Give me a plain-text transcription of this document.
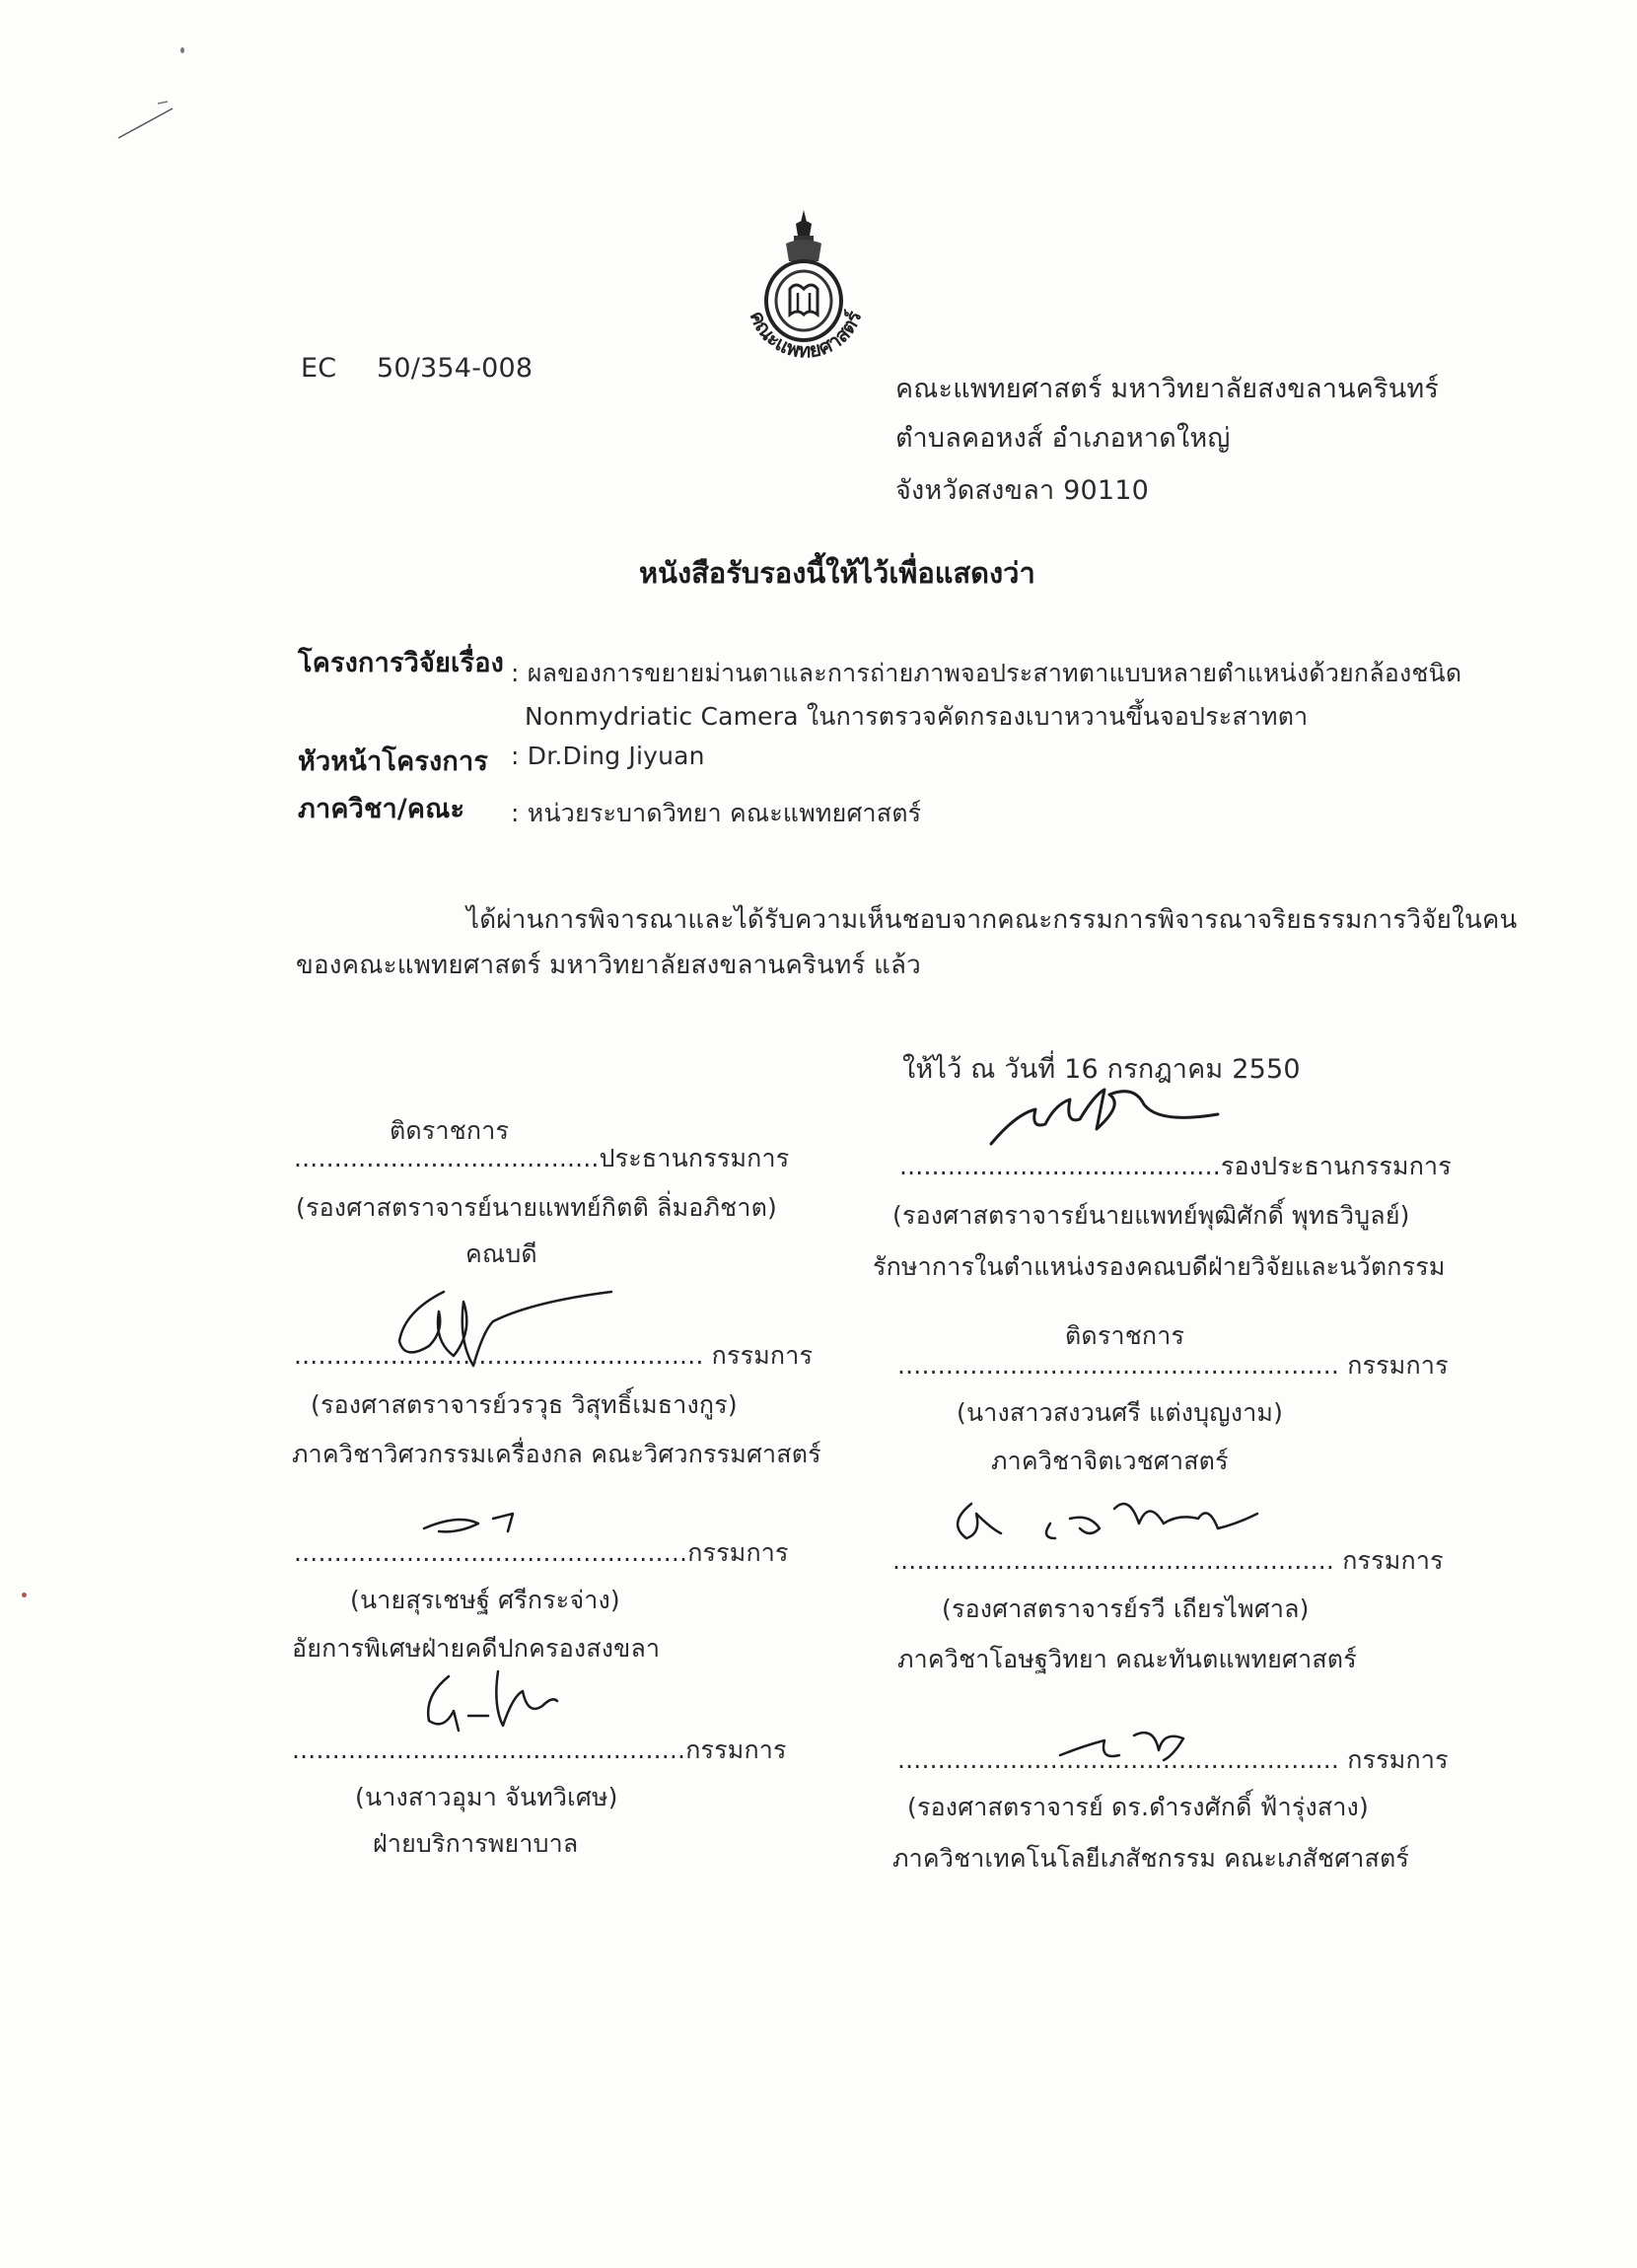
คณะแพทยศาสตร์
EC 50/354-008
คณะแพทยศาสตร์ มหาวิทยาลัยสงขลานครินทร์
ตำบลคอหงส์ อำเภอหาดใหญ่
จังหวัดสงขลา 90110
หนังสือรับรองนี้ให้ไว้เพื่อแสดงว่า
โครงการวิจัยเรื่อง : ผลของการขยายม่านตาและการถ่ายภาพจอประสาทตาแบบหลายตำแหน่งด้วยกล้องชนิด
Nonmydriatic Camera ในการตรวจคัดกรองเบาหวานขึ้นจอประสาทตา
หัวหน้าโครงการ : Dr.Ding Jiyuan
ภาควิชา/คณะ : หน่วยระบาดวิทยา คณะแพทยศาสตร์
ได้ผ่านการพิจารณาและได้รับความเห็นชอบจากคณะกรรมการพิจารณาจริยธรรมการวิจัยในคน
ของคณะแพทยศาสตร์ มหาวิทยาลัยสงขลานครินทร์ แล้ว
ให้ไว้ ณ วันที่ 16 กรกฎาคม 2550
ติดราชการ
......................................ประธานกรรมการ
(รองศาสตราจารย์นายแพทย์กิตติ ลิ่มอภิชาต)
คณบดี
........................................รองประธานกรรมการ
(รองศาสตราจารย์นายแพทย์พุฒิศักดิ์ พุทธวิบูลย์)
รักษาการในตำแหน่งรองคณบดีฝ่ายวิจัยและนวัตกรรม
................................................... กรรมการ
(รองศาสตราจารย์วรวุธ วิสุทธิ์เมธางกูร)
ภาควิชาวิศวกรรมเครื่องกล คณะวิศวกรรมศาสตร์
ติดราชการ
....................................................... กรรมการ
(นางสาวสงวนศรี แต่งบุญงาม)
ภาควิชาจิตเวชศาสตร์
.................................................กรรมการ
(นายสุรเชษฐ์ ศรีกระจ่าง)
อัยการพิเศษฝ่ายคดีปกครองสงขลา
....................................................... กรรมการ
(รองศาสตราจารย์รวี เถียรไพศาล)
ภาควิชาโอษฐวิทยา คณะทันตแพทยศาสตร์
.................................................กรรมการ
(นางสาวอุมา จันทวิเศษ)
ฝ่ายบริการพยาบาล
....................................................... กรรมการ
(รองศาสตราจารย์ ดร.ดำรงศักดิ์ ฟ้ารุ่งสาง)
ภาควิชาเทคโนโลยีเภสัชกรรม คณะเภสัชศาสตร์
